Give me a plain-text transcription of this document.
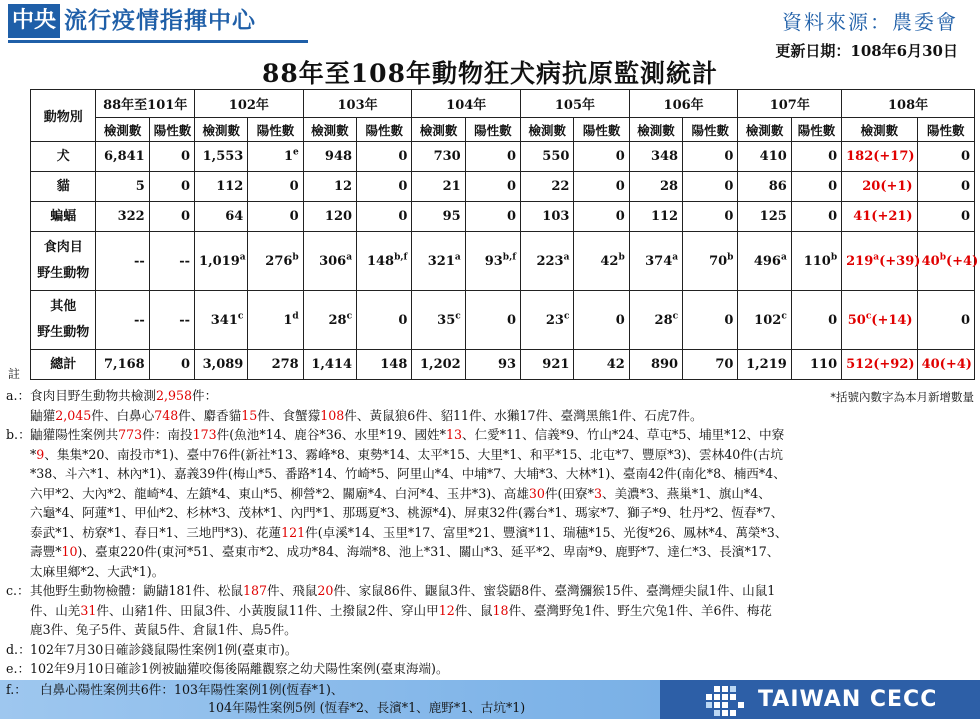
中央 流行疫情指揮中心	資料來源：農委會
更新日期：108年6月30日
88年至108年動物狂犬病抗原監測統計
動物別	88年至101年		102年		103年		104年		105年		106年		107年		108年	
	檢測數	陽性數	檢測數	陽性數	檢測數	陽性數	檢測數	陽性數	檢測數	陽性數	檢測數	陽性數	檢測數	陽性數	檢測數	陽性數
犬	6,841	0	1,553	1e	948	0	730	0	550	0	348	0	410	0	182(+17)	0
貓	5	0	112	0	12	0	21	0	22	0	28	0	86	0	20(+1)	0
蝙蝠	322	0	64	0	120	0	95	0	103	0	112	0	125	0	41(+21)	0
食肉目
野生動物	--	--	1,019$^a$	276$^b$	306$^a$	148$^{b,f}$	321$^a$	93$^{b,f}$	223$^a$	42$^b$	374$^a$	70$^b$	496$^a$	110$^b$	$219^a(+39)$	$40^b(+4)$
其他
野生動物	--	--	341$^c$	1$^d$	28$^c$	0	35$^c$	0	23$^c$	0	28$^c$	0	102$^c$	0	$50^c(+14)$	0
總計	7,168	0	3,089	278	1,414	148	1,202	93	921	42	890	70	1,219	110	512(+92)	40(+4)
註
*括號內數字為本月新增數量
a.： 食肉目野生動物共檢測2,958件：
鼬獾2,045件、白鼻心748件、麝香貓15件、食蟹獴108件、黃鼠狼6件、貂11件、水獺17件、臺灣黑熊1件、石虎7件。
b.： 鼬獾陽性案例共773件：南投173件(魚池*14、鹿谷*36、水里*19、國姓*13、仁愛*11、信義*9、竹山*24、草屯*5、埔里*12、中寮
*9、集集*20、南投市*1)、臺中76件(新社*13、霧峰*8、東勢*14、太平*15、大里*1、和平*15、北屯*7、豐原*3)、雲林40件(古坑
*38、斗六*1、林內*1)、嘉義39件(梅山*5、番路*14、竹崎*5、阿里山*4、中埔*7、大埔*3、大林*1)、臺南42件(南化*8、楠西*4、
六甲*2、大內*2、龍崎*4、左鎮*4、東山*5、柳營*2、關廟*4、白河*4、玉井*3)、高雄30件(田寮*3、美濃*3、燕巢*1、旗山*4、
六龜*4、阿蓮*1、甲仙*2、杉林*3、茂林*1、內門*1、那瑪夏*3、桃源*4)、屏東32件(霧台*1、瑪家*7、獅子*9、牡丹*2、恆春*7、
泰武*1、枋寮*1、春日*1、三地門*3)、花蓮121件(卓溪*14、玉里*17、富里*21、豐濱*11、瑞穗*15、光復*26、鳳林*4、萬榮*3、
壽豐*10)、臺東220件(東河*51、臺東市*2、成功*84、海端*8、池上*31、關山*3、延平*2、卑南*9、鹿野*7、達仁*3、長濱*17、
太麻里鄉*2、大武*1)。
c.： 其他野生動物檢體：鼩鼱181件、松鼠187件、飛鼠20件、家鼠86件、鼴鼠3件、蜜袋鼯8件、臺灣獼猴15件、臺灣煙尖鼠1件、山鼠1
件、山羌31件、山豬1件、田鼠3件、小黃腹鼠11件、土撥鼠2件、穿山甲12件、鼠18件、臺灣野兔1件、野生穴兔1件、羊6件、梅花
鹿3件、兔子5件、黃鼠5件、倉鼠1件、鳥5件。
d.： 102年7月30日確診錢鼠陽性案例1例(臺東市)。
e.： 102年9月10日確診1例被鼬獾咬傷後隔離觀察之幼犬陽性案例(臺東海端)。
TAIWAN CECC
f.：	白鼻心陽性案例共6件：103年陽性案例1例(恆春*1)、
104年陽性案例5例 (恆春*2、長濱*1、鹿野*1、古坑*1)
